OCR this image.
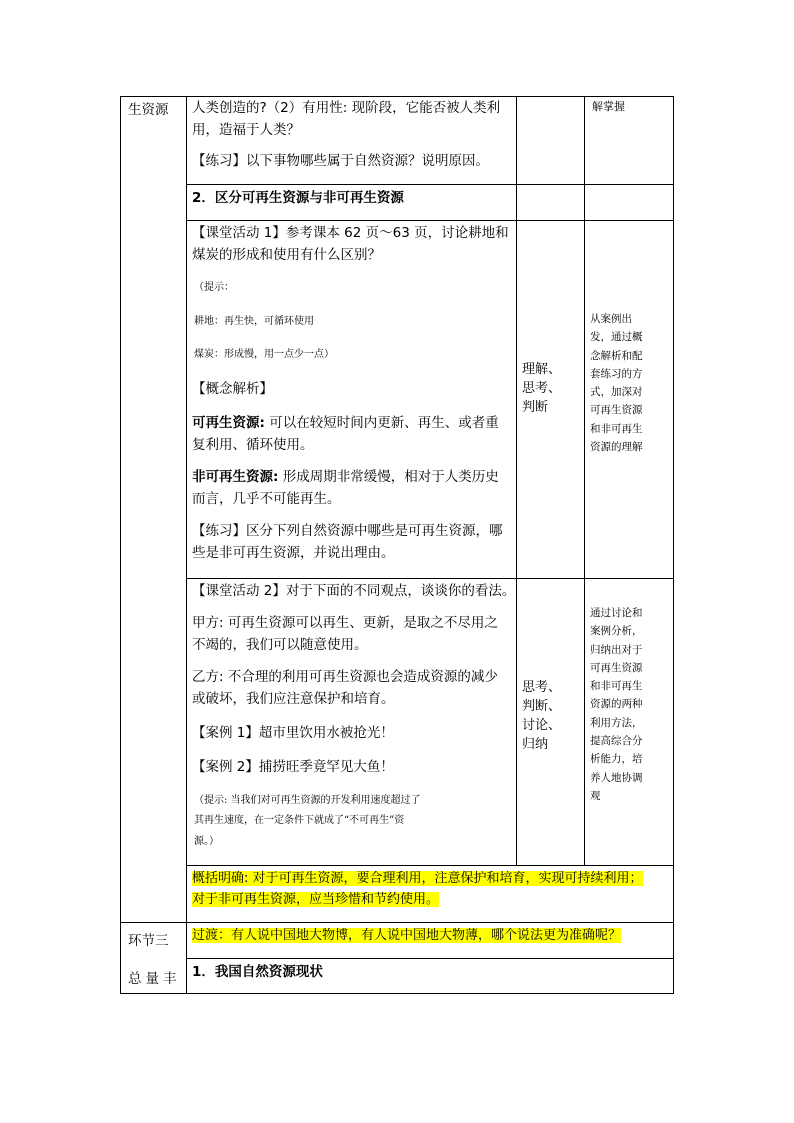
生资源
环节三
总量丰
人类创造的?（2）有用性: 现阶段，它能否被人类利
用，造福于人类？
【练习】以下事物哪些属于自然资源？说明原因。
解掌握
2．区分可再生资源与非可再生资源
【课堂活动 1】参考课本 62 页～63 页，讨论耕地和
煤炭的形成和使用有什么区别？
（提示：
耕地：再生快，可循环使用
煤炭：形成慢，用一点少一点）
【概念解析】
可再生资源: 可以在较短时间内更新、再生、或者重
复利用、循环使用。
非可再生资源: 形成周期非常缓慢，相对于人类历史
而言，几乎不可能再生。
【练习】区分下列自然资源中哪些是可再生资源，哪
些是非可再生资源，并说出理由。
理解、
思考、
判断
从案例出
发，通过概
念解析和配
套练习的方
式，加深对
可再生资源
和非可再生
资源的理解
【课堂活动 2】对于下面的不同观点，谈谈你的看法。
甲方: 可再生资源可以再生、更新，是取之不尽用之
不竭的，我们可以随意使用。
乙方: 不合理的利用可再生资源也会造成资源的减少
或破坏，我们应注意保护和培育。
【案例 1】超市里饮用水被抢光！
【案例 2】捕捞旺季竟罕见大鱼！
（提示: 当我们对可再生资源的开发利用速度超过了
其再生速度，在一定条件下就成了“不可再生”资
源。）
思考、
判断、
讨论、
归纳
通过讨论和
案例分析，
归纳出对于
可再生资源
和非可再生
资源的两种
利用方法，
提高综合分
析能力，培
养人地协调
观
概括明确: 对于可再生资源，要合理利用，注意保护和培育，实现可持续利用；
对于非可再生资源，应当珍惜和节约使用。
过渡：有人说中国地大物博，有人说中国地大物薄，哪个说法更为准确呢？
1．我国自然资源现状
